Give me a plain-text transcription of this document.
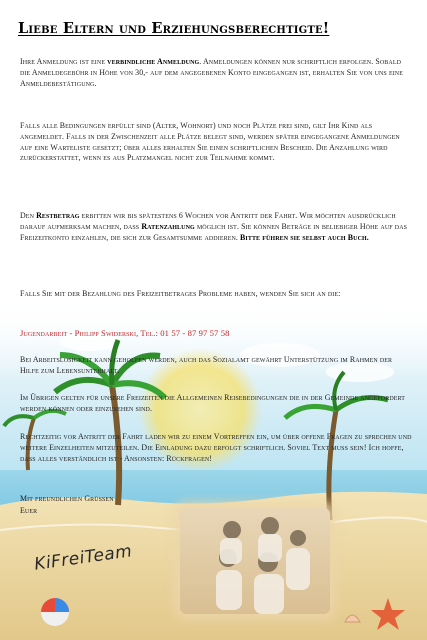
Liebe Eltern und Erziehungsberechtigte!

Ihre Anmeldung ist eine verbindliche Anmeldung. Anmeldungen können nur schriftlich erfolgen. Sobald die Anmeldegebühr in Höhe von 30,- auf dem angegebenen Konto eingegangen ist, erhalten Sie von uns eine Anmeldebestätigung.

Falls alle Bedingungen erfüllt sind (Alter, Wohnort) und noch Plätze frei sind, gilt Ihr Kind als angemeldet. Falls in der Zwischenzeit alle Plätze belegt sind, werden später eingegangene Anmeldungen auf eine Warteliste gesetzt; über alles erhalten Sie einen schriftlichen Bescheid. Die Anzahlung wird zurückerstattet, wenn es aus Platzmangel nicht zur Teilnahme kommt.

Den Restbetrag erbitten wir bis spätestens 6 Wochen vor Antritt der Fahrt. Wir möchten ausdrücklich darauf aufmerksam machen, dass Ratenzahlung möglich ist. Sie können Beträge in beliebiger Höhe auf das Freizeitkonto einzahlen, die sich zur Gesamtsumme addieren. Bitte führen sie selbst auch Buch.

Falls Sie mit der Bezahlung des Freizeitbetrages Probleme haben, wenden Sie sich an die:

Jugendarbeit - Philipp Swiderski, Tel.: 01 57 - 87 97 57 58

Bei Arbeitslosigkeit kann geholfen werden, auch das Sozialamt gewährt Unterstützung im Rahmen der Hilfe zum Lebensunterhalt.

Im Übrigen gelten für unsere Freizeiten die Allgemeinen Reisebedingungen die in der Gemeinde angefordert werden können oder einzusehen sind.

Rechtzeitig vor Antritt der Fahrt laden wir zu einem Vortreffen ein, um über offene Fragen zu sprechen und weitere Einzelheiten mitzuteilen. Die Einladung dazu erfolgt schriftlich. Soviel Text muss sein! Ich hoffe, dass alles verständlich ist - Ansonsten: Rückfragen!

Mit freundlichen Grüßen

Euer

KiFreiTeam
